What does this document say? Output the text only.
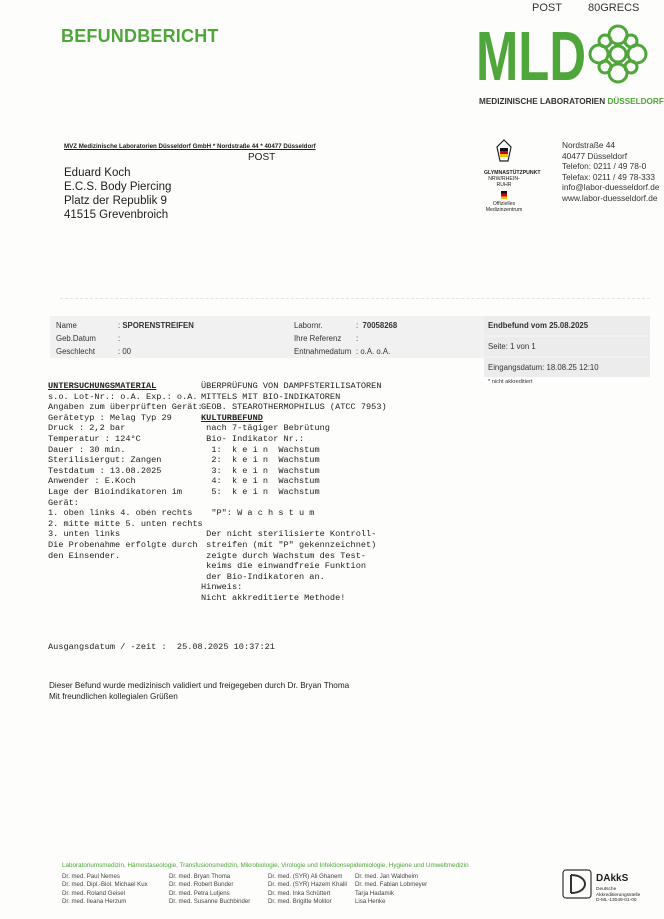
POST 80GRECS
BEFUNDBERICHT	MLD
MEDIZINISCHE LABORATORIEN DÜSSELDORF
MVZ Medizinische Laboratorien Düsseldorf GmbH * Nordstraße 44 * 40477 Düsseldorf
POST
Eduard Koch
E.C.S. Body Piercing
Platz der Republik 9
41515 Grevenbroich
GLYMNASTÜTZPUNKT
NRW/RHEIN-RUHR
Offizielles
Medizinzentrum
Nordstraße 44
40477 Düsseldorf
Telefon: 0211 / 49 78-0
Telefax: 0211 / 49 78-333
info@labor-duesseldorf.de
www.labor-duesseldorf.de
Name
Geb.Datum
Geschlecht
: SPORENSTREIFEN
:
: 00
Labornr.
Ihre Referenz
Entnahmedatum
: 70058268
:
: o.A. o.A.
Endbefund vom 25.08.2025
Seite: 1 von 1
Eingangsdatum: 18.08.25 12:10
* nicht akkreditiert
UNTERSUCHUNGSMATERIAL
s.o. Lot-Nr.: o.A. Exp.: o.A.
Angaben zum überprüften Gerät:
Gerätetyp : Melag Typ 29
Druck : 2,2 bar
Temperatur : 124°C
Dauer : 30 min.
Sterilisiergut: Zangen
Testdatum : 13.08.2025
Anwender : E.Koch
Lage der Bioindikatoren im
Gerät:
1. oben links 4. oben rechts
2. mitte mitte 5. unten rechts
3. unten links
Die Probenahme erfolgte durch
den Einsender.
ÜBERPRÜFUNG VON DAMPFSTERILISATOREN
MITTELS MIT BIO-INDIKATOREN
GEOB. STEAROTHERMOPHILUS (ATCC 7953)
KULTURBEFUND
nach 7-tägiger Bebrütung
Bio- Indikator Nr.:
1:  k e i n  Wachstum
2:  k e i n  Wachstum
3:  k e i n  Wachstum
4:  k e i n  Wachstum
5:  k e i n  Wachstum
"P": W a c h s t u m
Der nicht sterilisierte Kontroll-
streifen (mit "P" gekennzeichnet)
zeigte durch Wachstum des Test-
keims die einwandfreie Funktion
der Bio-Indikatoren an.
Hinweis:
Nicht akkreditierte Methode!
Ausgangsdatum / -zeit :  25.08.2025 10:37:21
Dieser Befund wurde medizinisch validiert und freigegeben durch Dr. Bryan Thoma
Mit freundlichen kollegialen Grüßen
Laboratoriumsmedizin, Hämostaseologie, Transfusionsmedizin, Mikrobiologie, Virologie und Infektionsepidemiologie, Hygiene und Umweltmedizin
Dr. med. Paul Nemes
Dr. med. Dipl.-Biol. Michael Kux
Dr. med. Roland Geisel
Dr. med. Ileana Herzum
Dr. med. Bryan Thoma
Dr. med. Robert Bunder
Dr. med. Petra Lutjens
Dr. med. Susanne Buchbinder
Dr. med. (SYR) Ali Ghanem
Dr. med. (SYR) Hazem Khalil
Dr. med. Inka Schüttert
Dr. med. Brigitte Molitor
Dr. med. Jan Waldheim
Dr. med. Fabian Lobmeyer
Tarja Hadamik
Lisa Henke
DAkkS
Deutsche
Akkreditierungsstelle
D-ML-13049-01-00
